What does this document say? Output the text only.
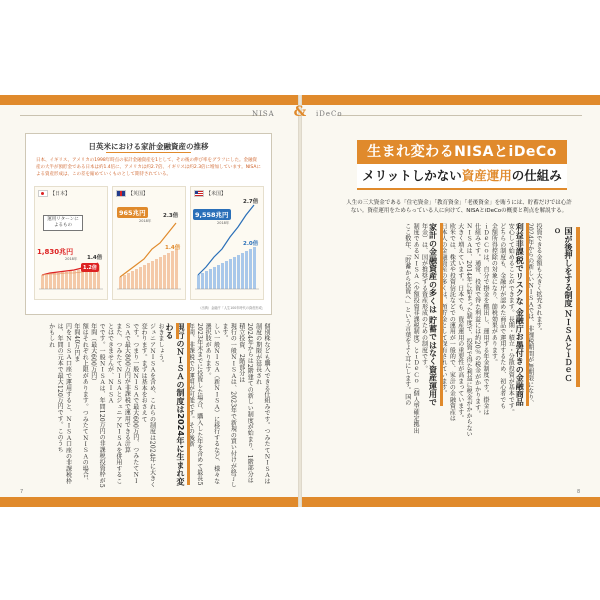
NISA
日英米における家計金融資産の推移
日本、イギリス、アメリカの1998年時点の家計金融資産を1として、その後の伸び率をグラフにした。金融資産の大半が預貯金である日本は約1.4倍に、アメリカは約2.7倍、イギリスは約2.3倍に増加しています。NISAによる資産形成は、この差を縮めていくものとして期待されている。
【日本】
運用リターンによるもの
1,830兆円
2018年 1.4倍
1.2倍
【英国】
965兆円
2018年
2.3倍
1.4倍
【米国】
9,558兆円
2018年
2.7倍
2.0倍
（出典）金融庁「人生100年時代の資産形成」
個別株なども購入できる仕組みです。つみたてＮＩＳＡは制度の期限が延長され
2024年からは2階建ての新しい制度が始まり、1階部分は積立投資、2階部分は
現行の一般ＮＩＳＡは、2023年で新規の買い付けが終了します。
しい一般ＮＩＳＡ（新ＮＩＳＡ）に移行するなど、様々な選択肢があります。
2023年末までに投資した場合、購入した年を含めて最長5年間、非課税での運用が可能です。その後新
現行のＮＩＳＡの制度は2024年に生まれ変わる
おきましょう。
ジュニアＮＩＳＡを含め、これらの制度は2024年に大きく変わります。まずは基本をおさえて
です。つまり一般ＮＩＳＡで最大600万円、つみたてＮＩＳＡで最大800万円が非課税で運用できる計算
また、つみたてＮＩＳＡとジュニアＮＩＳＡを併用することはできませんが、ＮＩＳＡ
でです。一般ＮＩＳＡは、年間120万円の非課税投資枠が5年間（最大600万円）
額はそれぞれ上限があります。つみたてＮＩＳＡの場合、年間40万円ま
円をＮＩＳＡ口座で運用すると、ＮＩＳＡ口座の非課税枠は、年間の元本で最大120万円です。このうち
かもしれ
7
&	iDeCo
生まれ変わるNISAとiDeCo
メリットしかない資産運用の仕組み
人生の三大資金である「住宅資金」「教育資金」「老後資金」を賄うには、貯蓄だけでは心許ない。資産運用をためらっている人に向けて、NISAとiDeCoの概要と利点を解説する。
投資できる金額も大きく拡充されます。
2024年からの新しいＮＩＳＡでは、非課税期間が無期限になり、
利益非課税でリスクな 金融庁お墨付きの金融商品
安心して始めることができます。長期・積立・分散投資が基本です。
どちらの制度も、金融庁が認めた商品で運用するため、初心者でも
全額所得控除の対象になり、節税効果があります。
ｉＤｅＣｏは、自分で掛金を拠出し、運用する年金制度です。掛金は
仕組みです。通常、投資で得た利益には約20％の税金がかかります。
ＮＩＳＡは、2014年に始まった制度で、投資で得た利益に税金がかからない
大きく増えています。日本でも、資産運用の重要性が高まっています。
欧米では、株式や投資信託などでの運用が一般的で、家計の金融資産は
日本人の金融資産の多くは、預貯金として保有されています。
家計の金融資産の多くは 貯蓄ではなく資産運用で
年金）は、国が推奨する資産形成のための制度です。
制度であるＮＩＳＡ（少額投資非課税制度）とｉＤｅＣｏ（個人型確定拠出
ここ数年、「貯蓄から投資へ」という言葉をよく耳にします。国の	国が後押しをする制度 ＮＩＳＡとｉＤｅＣｏ
8
